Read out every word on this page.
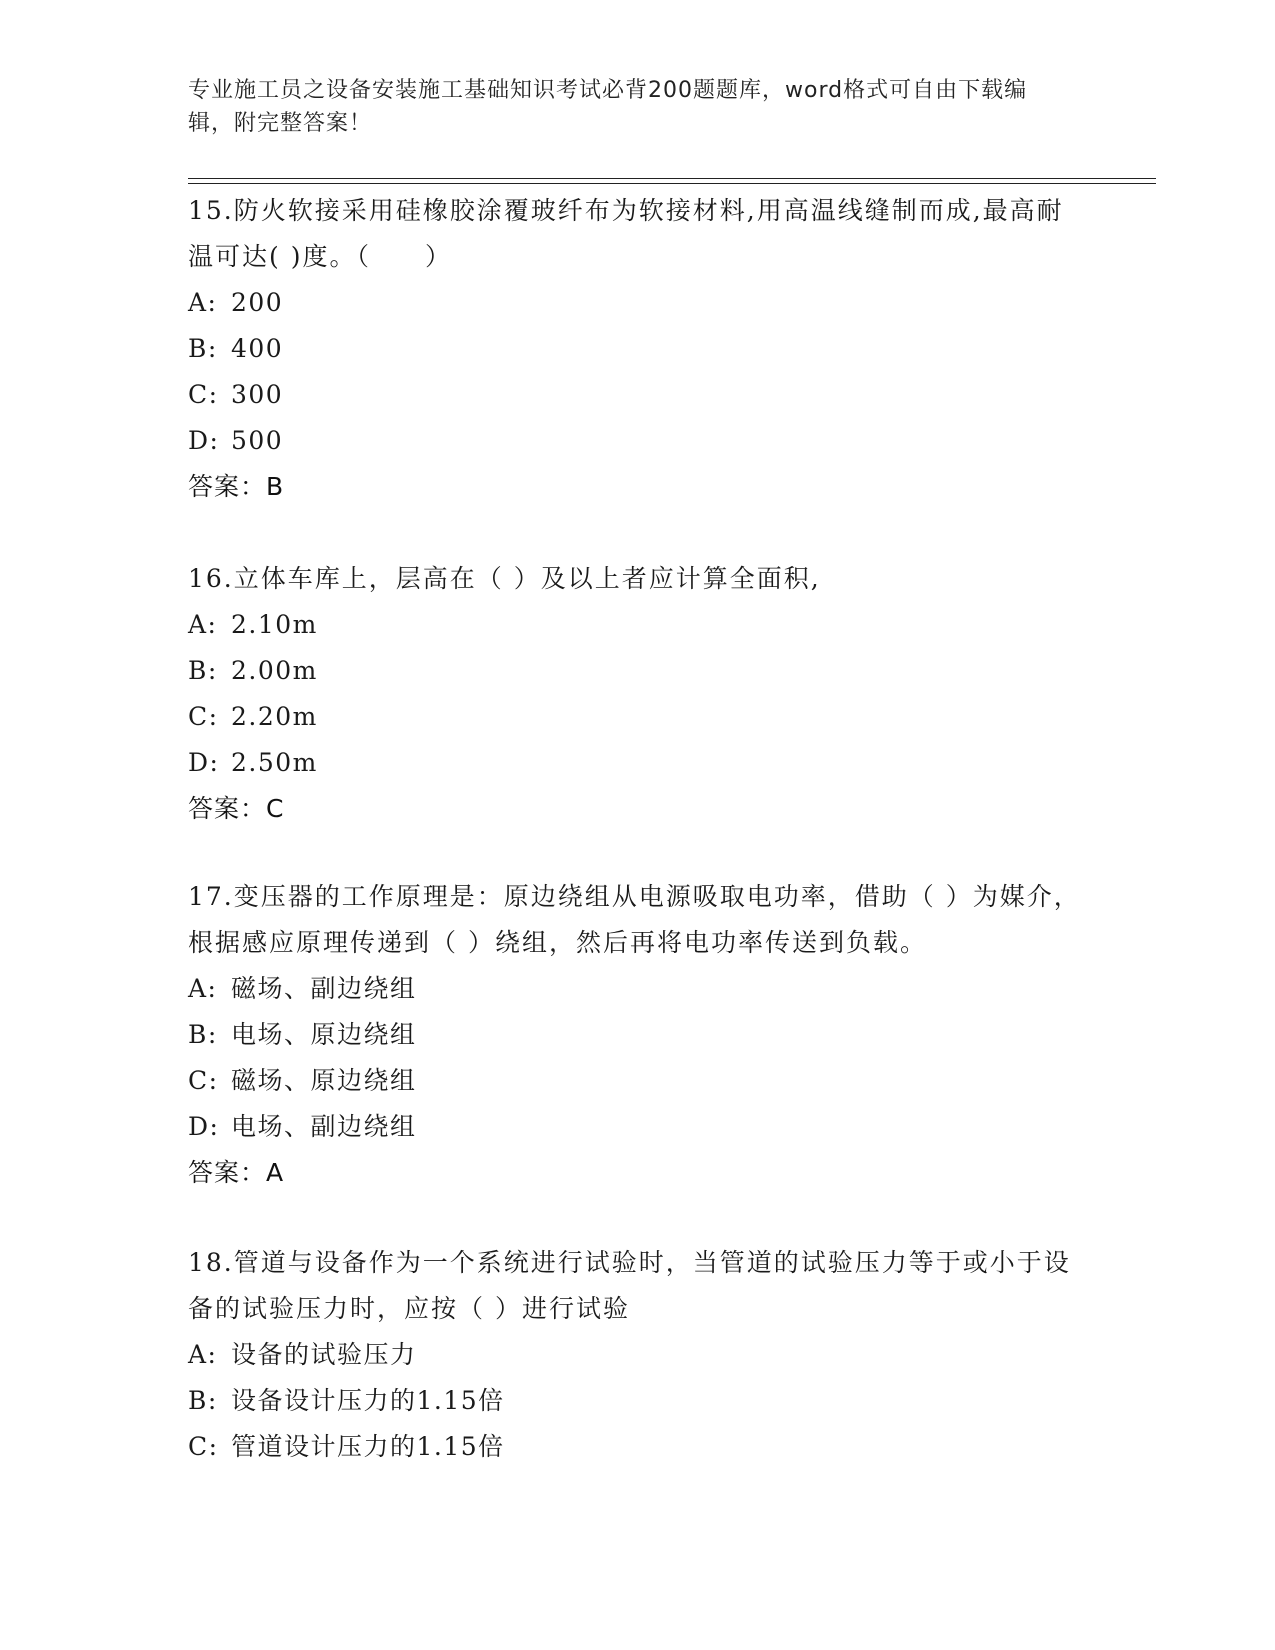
专业施工员之设备安装施工基础知识考试必背200题题库，word格式可自由下载编辑，附完整答案！

15.防火软接采用硅橡胶涂覆玻纤布为软接材料,用高温线缝制而成,最高耐温可达( )度。（　　）

A: 200
B: 400
C: 300
D: 500
答案：B

16.立体车库上，层高在（ ）及以上者应计算全面积,

A: 2.10m
B: 2.00m
C: 2.20m
D: 2.50m
答案：C

17.变压器的工作原理是：原边绕组从电源吸取电功率，借助（ ）为媒介，根据感应原理传递到（ ）绕组，然后再将电功率传送到负载。

A: 磁场、副边绕组
B: 电场、原边绕组
C: 磁场、原边绕组
D: 电场、副边绕组
答案：A

18.管道与设备作为一个系统进行试验时，当管道的试验压力等于或小于设备的试验压力时，应按（ ）进行试验

A: 设备的试验压力
B: 设备设计压力的1.15倍
C: 管道设计压力的1.15倍
